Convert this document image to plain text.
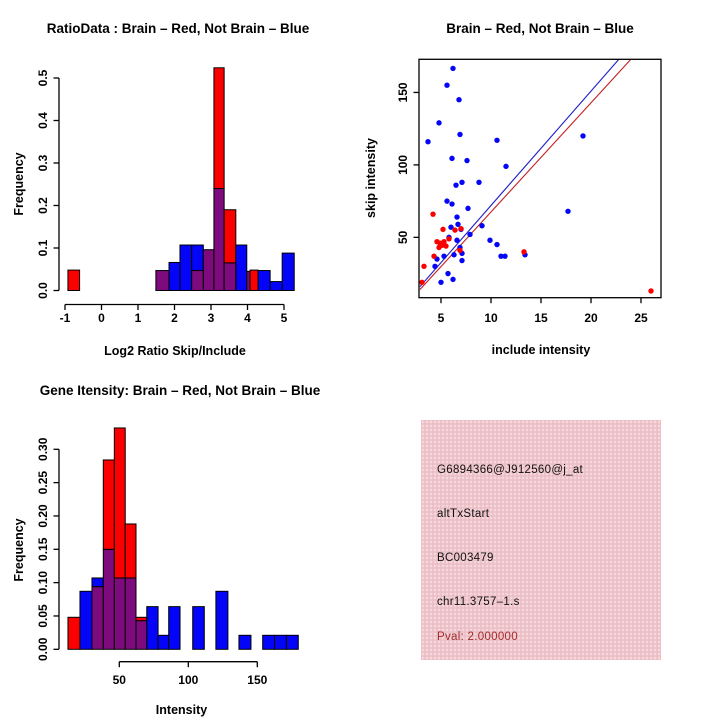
RatioData : Brain – Red, Not Brain – Blue	Brain – Red, Not Brain – Blue
Gene Itensity: Brain – Red, Not Brain – Blue
Log2 Ratio Skip/Include	include intensity
Intensity
Frequency	skip intensity
Frequency
-1 0 1 2 3 4 5
0.0
0.1
0.2
0.3
0.4
0.5
5	10	15	20	25
50
100
150
50	100	150
0.00
0.05
0.10
0.15
0.20
0.25
0.30
G6894366@J912560@j_at
altTxStart
BC003479
chr11.3757–1.s
Pval: 2.000000
